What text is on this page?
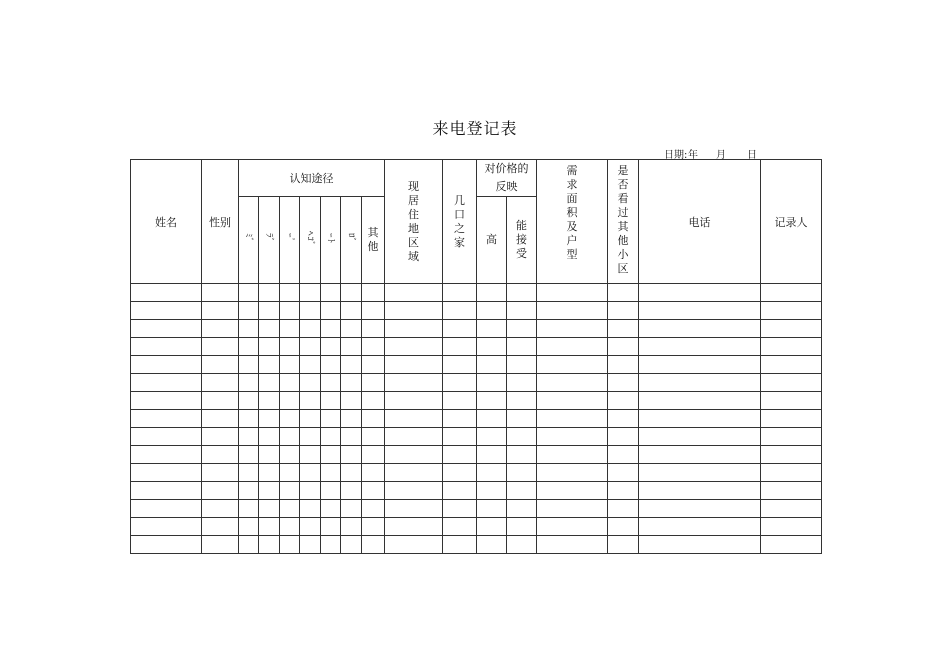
来电登记表
日期: 年 月 日
姓名	性别	认知途径							现居住地区域	几口之家	对价格的反映		需求面积及户型	是否看过其他小区	电话	记录人
		ﾐﾞ	ﾗﾞ	ｰﾟ	ﾍｺﾞ	ｰﾄ	ﾛﾞ	其他			高	能接受				
